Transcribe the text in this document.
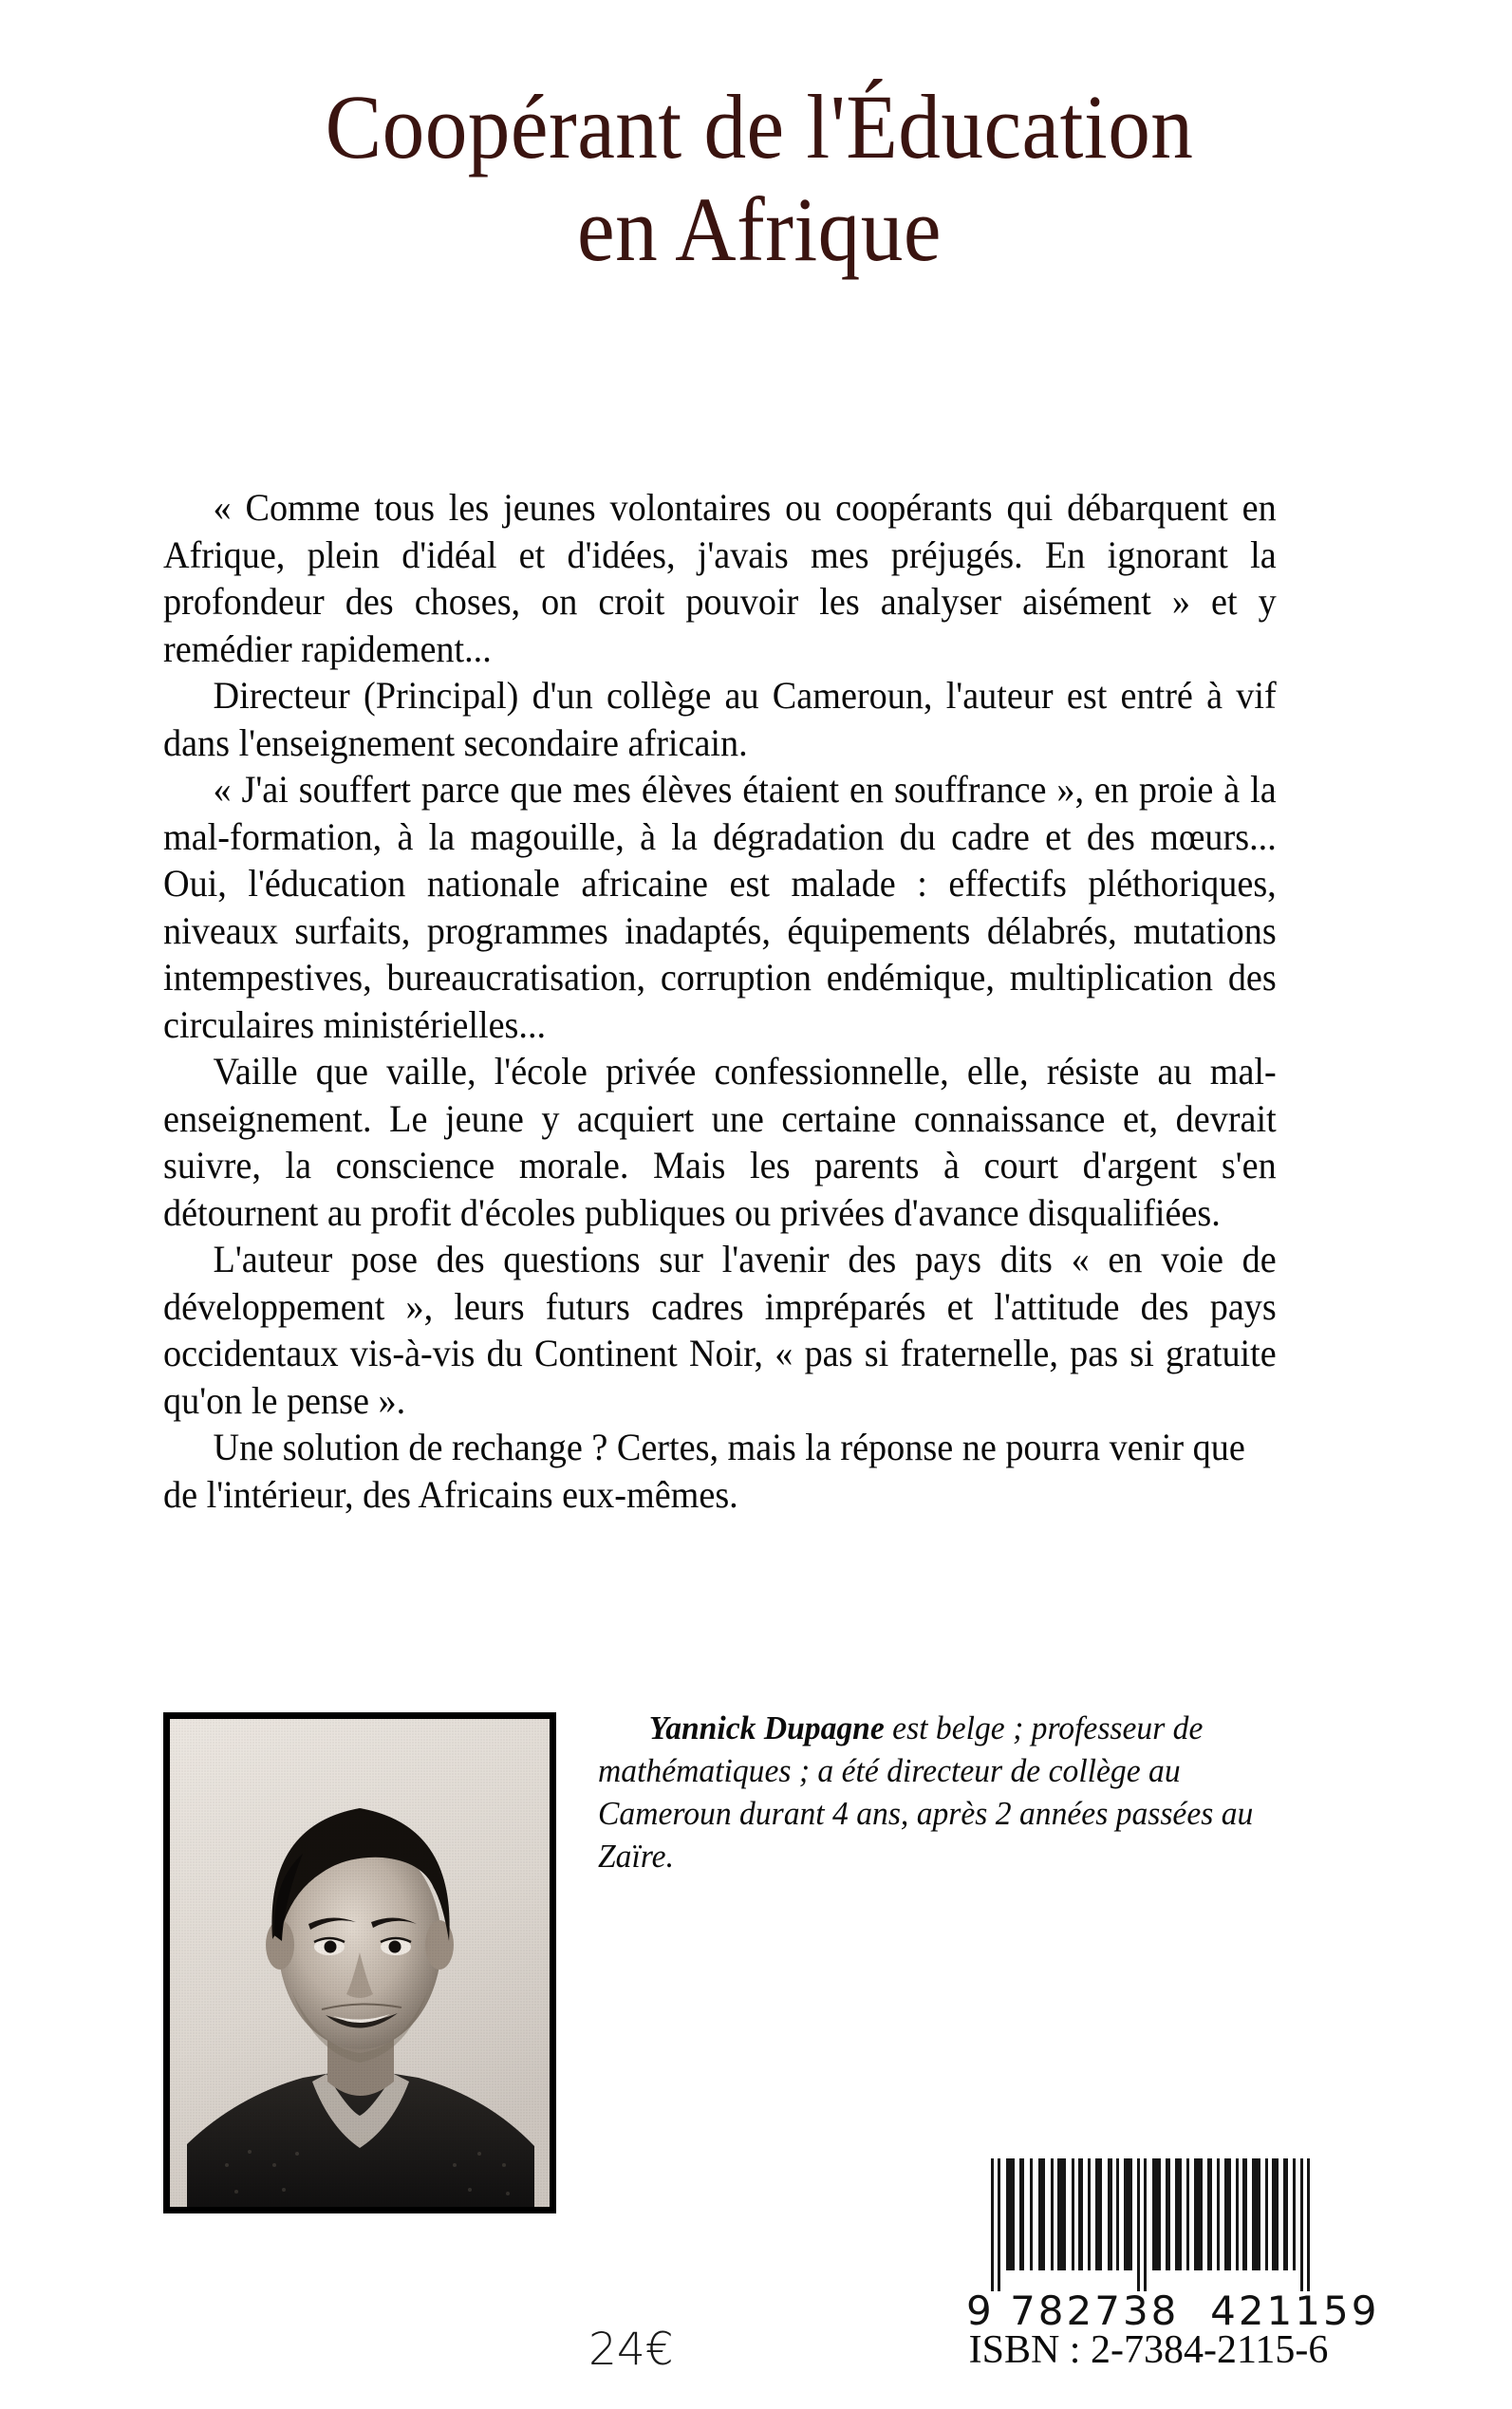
Coopérant de l'Éducation
en Afrique

« Comme tous les jeunes volontaires ou coopérants qui débarquent en Afrique, plein d'idéal et d'idées, j'avais mes préjugés. En ignorant la profondeur des choses, on croit pouvoir les analyser aisément » et y remédier rapidement...

Directeur (Principal) d'un collège au Cameroun, l'auteur est entré à vif dans l'enseignement secondaire africain.

« J'ai souffert parce que mes élèves étaient en souffrance », en proie à la mal-formation, à la magouille, à la dégradation du cadre et des mœurs... Oui, l'éducation nationale africaine est malade : effectifs pléthoriques, niveaux surfaits, programmes inadaptés, équipements délabrés, mutations intempestives, bureaucratisation, corruption endémique, multiplication des circulaires ministérielles...

Vaille que vaille, l'école privée confessionnelle, elle, résiste au mal-enseignement. Le jeune y acquiert une certaine connaissance et, devrait suivre, la conscience morale. Mais les parents à court d'argent s'en détournent au profit d'écoles publiques ou privées d'avance disqualifiées.

L'auteur pose des questions sur l'avenir des pays dits « en voie de développement », leurs futurs cadres impréparés et l'attitude des pays occidentaux vis-à-vis du Continent Noir, « pas si fraternelle, pas si gratuite qu'on le pense ».

Une solution de rechange ? Certes, mais la réponse ne pourra venir que de l'intérieur, des Africains eux-mêmes.

Yannick Dupagne est belge ; professeur de mathématiques ; a été directeur de collège au Cameroun durant 4 ans, après 2 années passées au Zaïre.

9 782738  421159
24€	ISBN : 2-7384-2115-6
